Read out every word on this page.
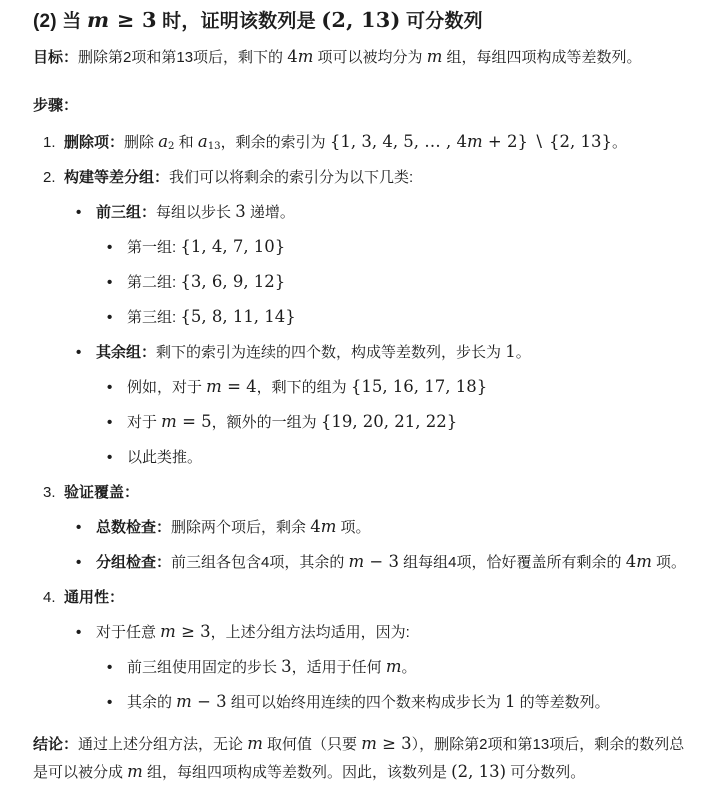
(2) 当 m ≥ 3 时，证明该数列是 (2, 13) 可分数列

目标：删除第2项和第13项后，剩下的 4m 项可以被均分为 m 组，每组四项构成等差数列。

步骤：

1. 删除项：删除 $a_2$ 和 $a_{13}$，剩余的索引为 {1, 3, 4, 5, … , 4m + 2} ∖ {2, 13}。
2. 构建等差分组：我们可以将剩余的索引分为以下几类:
• 前三组：每组以步长 3 递增。
• 第一组: {1, 4, 7, 10}
• 第二组: {3, 6, 9, 12}
• 第三组: {5, 8, 11, 14}
• 其余组：剩下的索引为连续的四个数，构成等差数列，步长为 1。
• 例如，对于 m = 4，剩下的组为 {15, 16, 17, 18}
• 对于 m = 5，额外的一组为 {19, 20, 21, 22}
• 以此类推。
3. 验证覆盖：
• 总数检查：删除两个项后，剩余 4m 项。
• 分组检查：前三组各包含4项，其余的 m − 3 组每组4项，恰好覆盖所有剩余的 4m 项。
4. 通用性：
• 对于任意 m ≥ 3，上述分组方法均适用，因为:
• 前三组使用固定的步长 3，适用于任何 m。
• 其余的 m − 3 组可以始终用连续的四个数来构成步长为 1 的等差数列。

结论：通过上述分组方法，无论 m 取何值（只要 m ≥ 3），删除第2项和第13项后，剩余的数列总是可以被分成 m 组，每组四项构成等差数列。因此，该数列是 (2, 13) 可分数列。
